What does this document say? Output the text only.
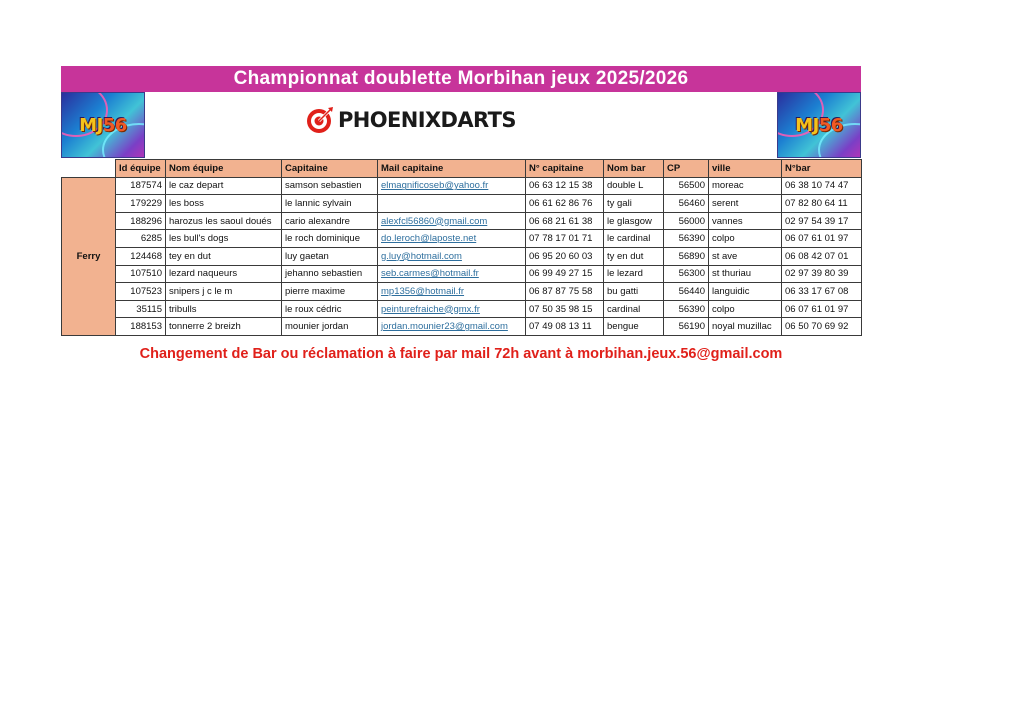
Championnat doublette Morbihan jeux 2025/2026
MJ56	PHOENIXDARTS	MJ56
	Id équipe	Nom équipe	Capitaine	Mail capitaine	N° capitaine	Nom bar	CP	ville	N°bar
Ferry	187574	le caz depart	samson sebastien	elmagnificoseb@yahoo.fr	06 63 12 15 38	double L	56500	moreac	06 38 10 74 47
	179229	les boss	le lannic sylvain		06 61 62 86 76	ty gali	56460	serent	07 82 80 64 11
	188296	harozus les saoul doués	cario alexandre	alexfcl56860@gmail.com	06 68 21 61 38	le glasgow	56000	vannes	02 97 54 39 17
	6285	les bull's dogs	le roch dominique	do.leroch@laposte.net	07 78 17 01 71	le cardinal	56390	colpo	06 07 61 01 97
	124468	tey en dut	luy gaetan	g.luy@hotmail.com	06 95 20 60 03	ty en dut	56890	st ave	06 08 42 07 01
	107510	lezard naqueurs	jehanno sebastien	seb.carmes@hotmail.fr	06 99 49 27 15	le lezard	56300	st thuriau	02 97 39 80 39
	107523	snipers j c le m	pierre maxime	mp1356@hotmail.fr	06 87 87 75 58	bu gatti	56440	languidic	06 33 17 67 08
	35115	tribulls	le roux cédric	peinturefraiche@gmx.fr	07 50 35 98 15	cardinal	56390	colpo	06 07 61 01 97
	188153	tonnerre 2 breizh	mounier jordan	jordan.mounier23@gmail.com	07 49 08 13 11	bengue	56190	noyal muzillac	06 50 70 69 92
Changement de Bar ou réclamation à faire par mail 72h avant à morbihan.jeux.56@gmail.com
